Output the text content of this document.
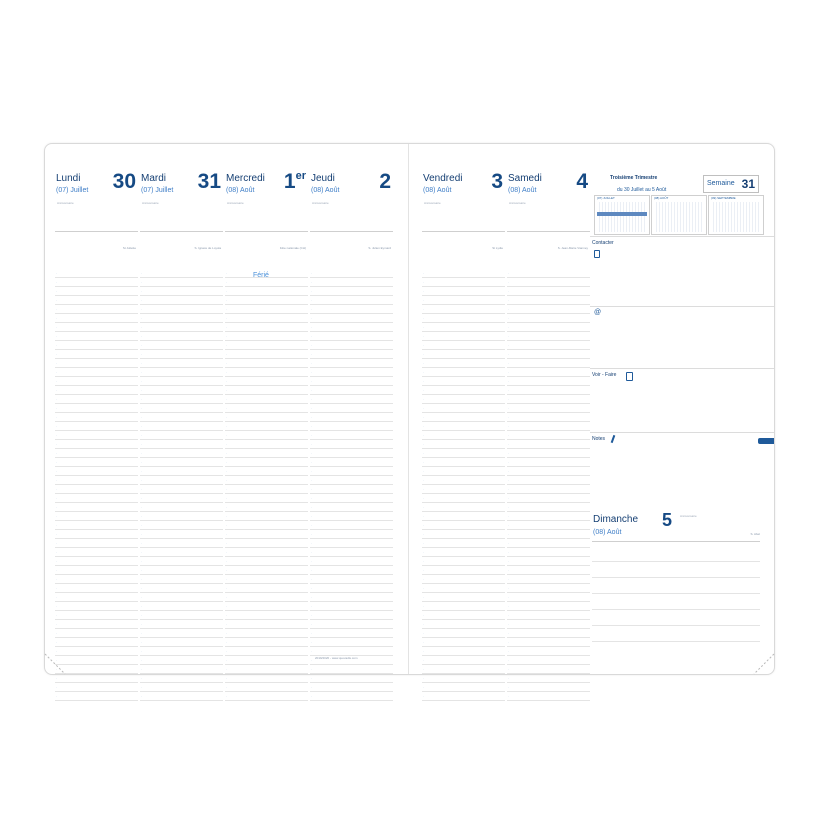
Lundi
(07) Juillet 30
Anniversaire
St Juliette
·
·
·
·
·
·
·
·
·
·
·
·
·
·
·
·
·
·
·
·
·
·
·
·
·
·
·
·
·
·
·
·
·
·
·
·
·
·
·
·
·
·
·
·
·
·
·
·
Mardi
(07) Juillet 31
Anniversaire
S. Ignace de Loyola
·
·
·
·
·
·
·
·
·
·
·
·
·
·
·
·
·
·
·
·
·
·
·
·
·
·
·
·
·
·
·
·
·
·
·
·
·
·
·
·
·
·
·
·
·
·
·
·
Mercredi
(08) Août 1er
Anniversaire
Fête nationale (CH)
Férié
·
·
·
·
·
·
·
·
·
·
·
·
·
·
·
·
·
·
·
·
·
·
·
·
·
·
·
·
·
·
·
·
·
·
·
·
·
·
·
·
·
·
·
·
·
·
·
·
Jeudi
(08) Août 2
Anniversaire
S. Julien Eymard
·
·
·
·
·
·
·
·
·
·
·
·
·
·
·
·
·
·
·
·
·
·
·
·
·
·
·
·
·
·
·
·
·
·
·
·
·
·
·
·
·
·
·
·
·
·
·
·
2019/2020 - www.quovadis.com
Vendredi
(08) Août 3
Anniversaire
St Lydie
·
·
·
·
·
·
·
·
·
·
·
·
·
·
·
·
·
·
·
·
·
·
·
·
·
·
·
·
·
·
·
·
·
·
·
·
·
·
·
·
·
·
·
·
·
·
·
·
Samedi
(08) Août 4
Anniversaire
S. Jean-Marie Vianney
·
·
·
·
·
·
·
·
·
·
·
·
·
·
·
·
·
·
·
·
·
·
·
·
·
·
·
·
·
·
·
·
·
·
·
·
·
·
·
·
·
·
·
·
·
·
·
·
Troisième Trimestre
du 30 Juillet au 5 Août
Semaine 31
(07) JUILLET	(08) AOÛT	(09) SEPTEMBRE
Contacter
@
Voir - Faire
Notes
Dimanche 5	Anniversaire
(08) Août	S. Abel
